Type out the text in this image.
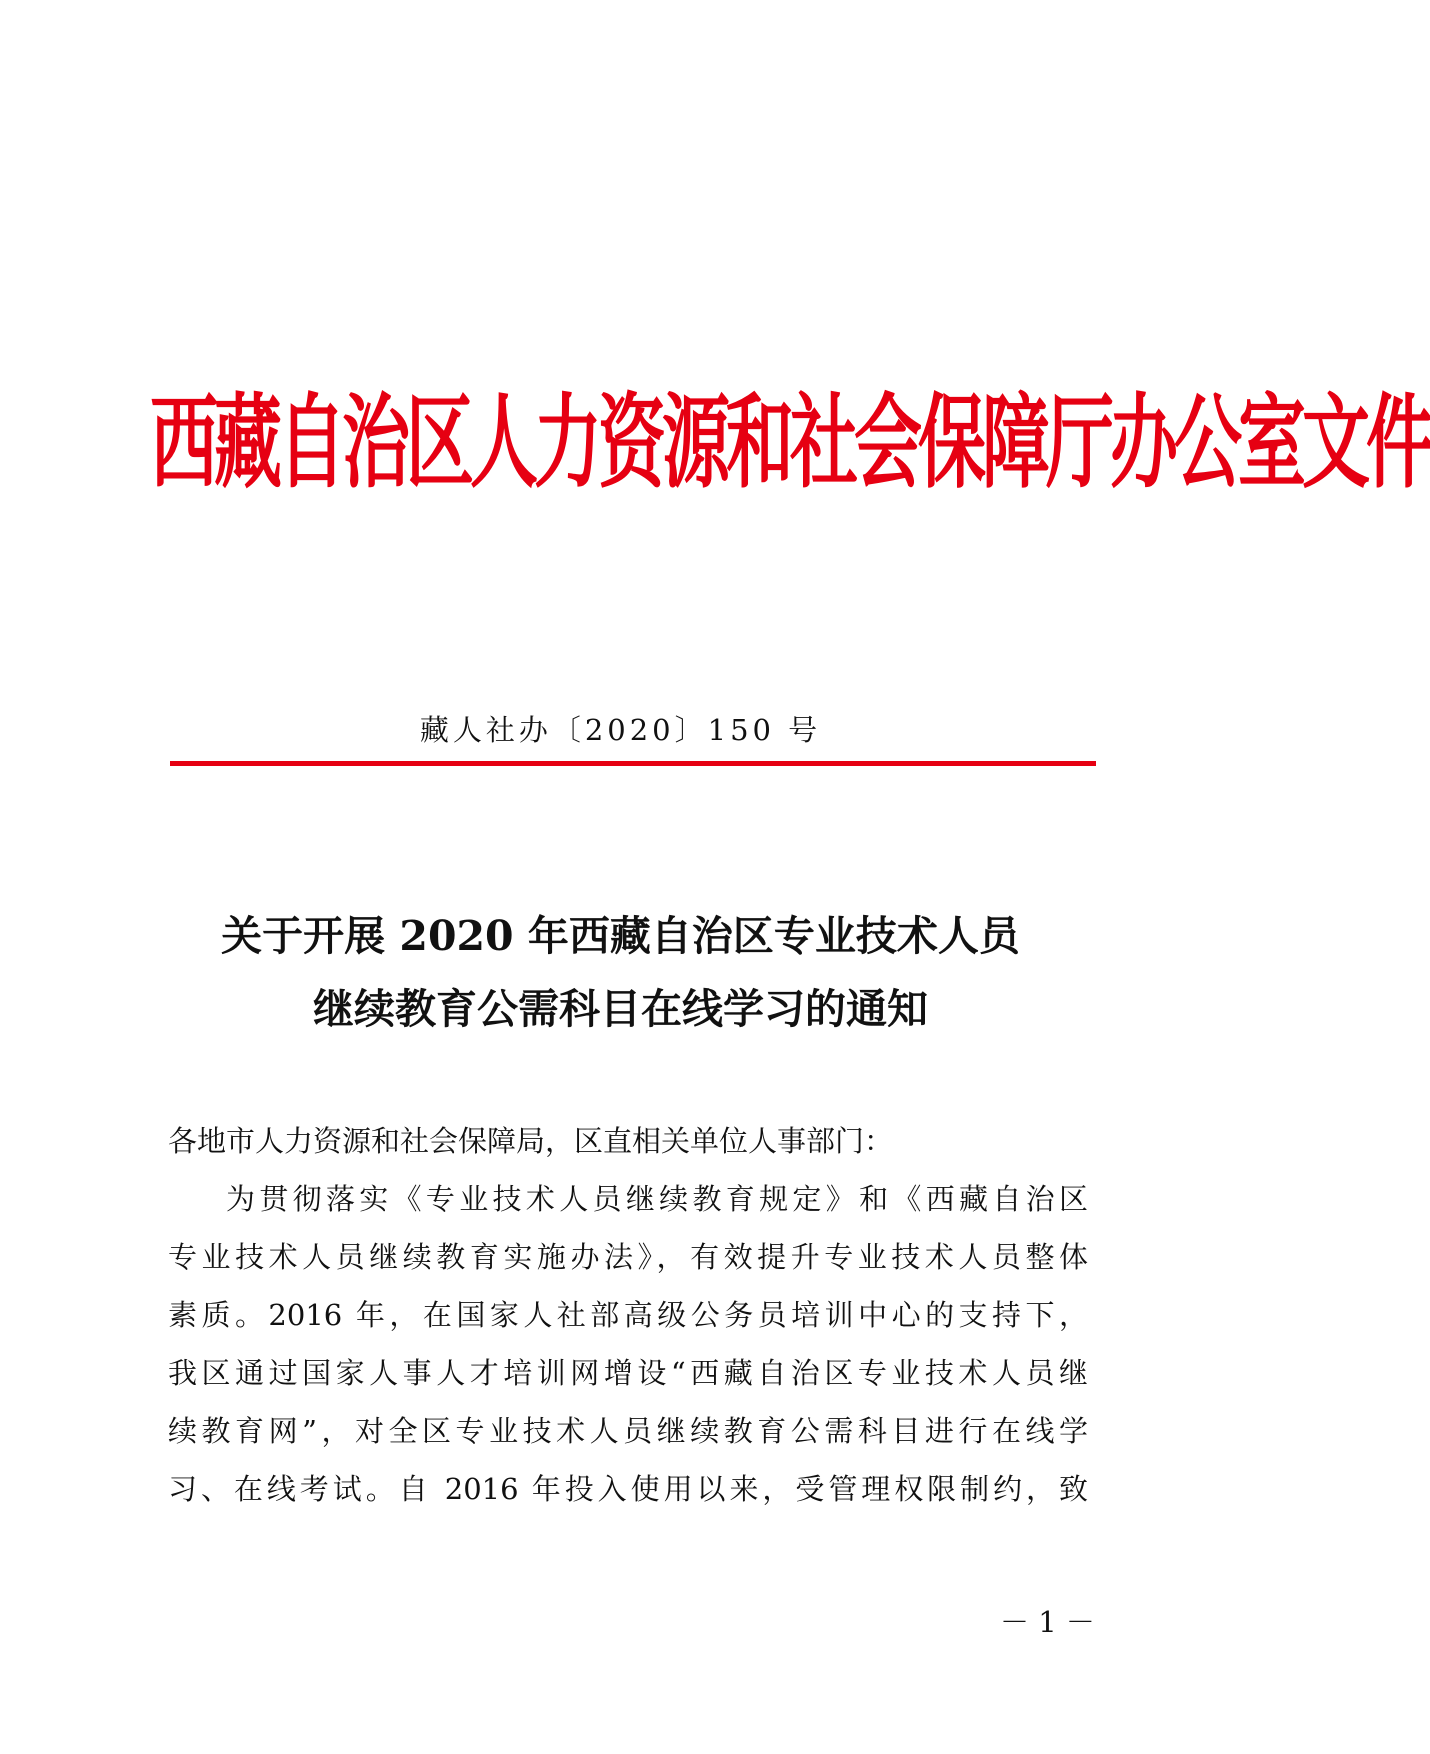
西藏自治区人力资源和社会保障厅办公室文件
藏人社办〔2020〕150 号
关于开展 2020 年西藏自治区专业技术人员
继续教育公需科目在线学习的通知
各地市人力资源和社会保障局，区直相关单位人事部门：
为贯彻落实《专业技术人员继续教育规定》和《西藏自治区
专业技术人员继续教育实施办法》，有效提升专业技术人员整体
素质。2016 年，在国家人社部高级公务员培训中心的支持下，
我区通过国家人事人才培训网增设“西藏自治区专业技术人员继
续教育网”，对全区专业技术人员继续教育公需科目进行在线学
习、在线考试。自 2016 年投入使用以来，受管理权限制约，致
－ 1 －
